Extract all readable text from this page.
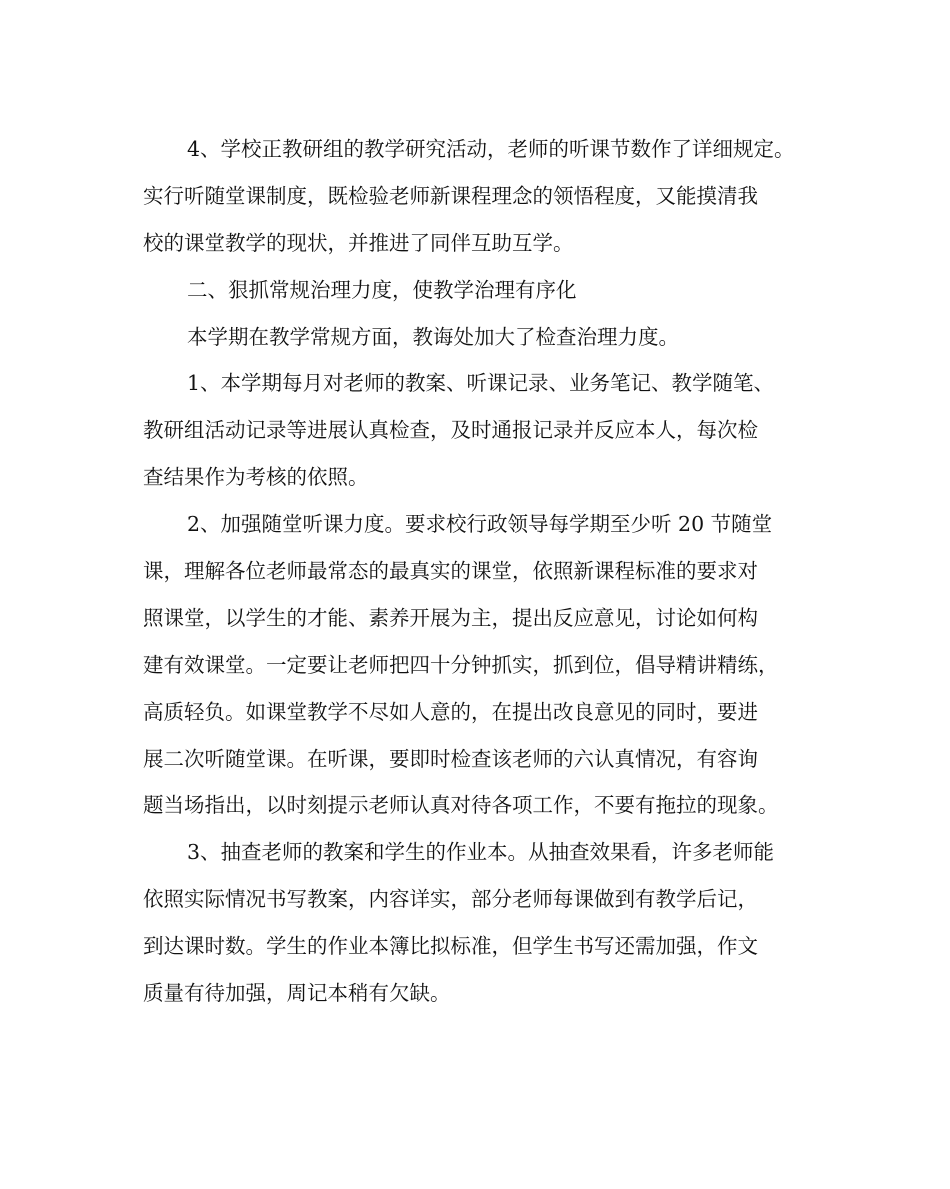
4、学校正教研组的教学研究活动，老师的听课节数作了详细规定。
实行听随堂课制度，既检验老师新课程理念的领悟程度，又能摸清我
校的课堂教学的现状，并推进了同伴互助互学。
二、狠抓常规治理力度，使教学治理有序化
本学期在教学常规方面，教诲处加大了检查治理力度。
1、本学期每月对老师的教案、听课记录、业务笔记、教学随笔、
教研组活动记录等进展认真检查，及时通报记录并反应本人，每次检
查结果作为考核的依照。
2、加强随堂听课力度。要求校行政领导每学期至少听 20 节随堂
课，理解各位老师最常态的最真实的课堂，依照新课程标准的要求对
照课堂，以学生的才能、素养开展为主，提出反应意见，讨论如何构
建有效课堂。一定要让老师把四十分钟抓实，抓到位，倡导精讲精练，
高质轻负。如课堂教学不尽如人意的，在提出改良意见的同时，要进
展二次听随堂课。在听课，要即时检查该老师的六认真情况，有容询
题当场指出，以时刻提示老师认真对待各项工作，不要有拖拉的现象。
3、抽查老师的教案和学生的作业本。从抽查效果看，许多老师能
依照实际情况书写教案，内容详实，部分老师每课做到有教学后记，
到达课时数。学生的作业本簿比拟标准，但学生书写还需加强，作文
质量有待加强，周记本稍有欠缺。
